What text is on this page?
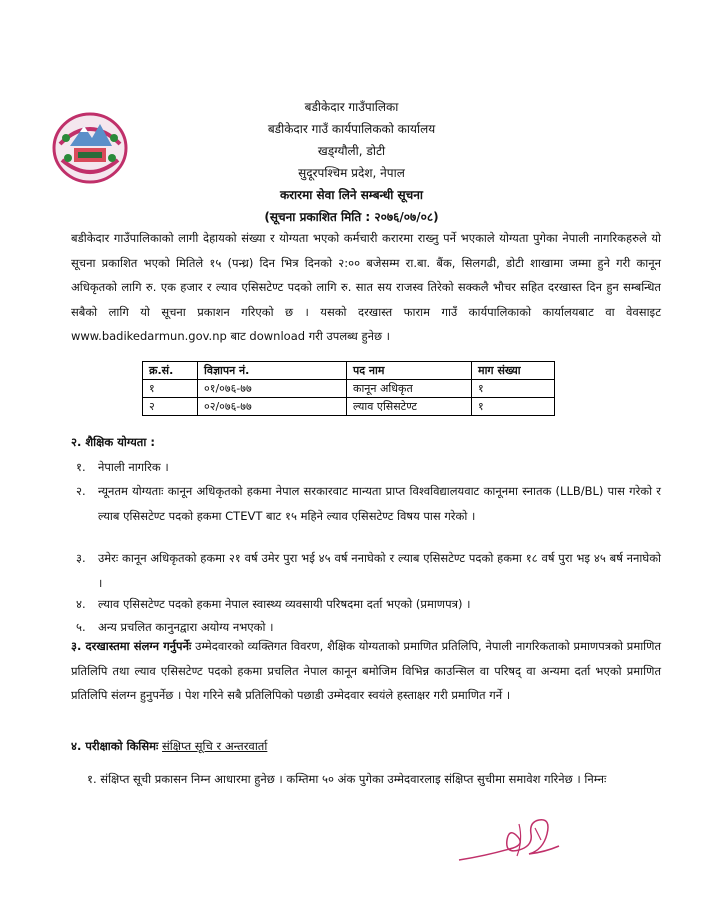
बडीकेदार गाउँपालिका
बडीकेदार गाउँ कार्यपालिकको कार्यालय
खड्ग्यौली, डोटी
सुदूरपश्चिम प्रदेश, नेपाल
करारमा सेवा लिने सम्बन्धी सूचना
(सूचना प्रकाशित मिति : २०७६/०७/०८)

बडीकेदार गाउँपालिकाको लागी देहायको संख्या र योग्यता भएको कर्मचारी करारमा राख्नु पर्ने भएकाले योग्यता पुगेका नेपाली नागरिकहरुले यो सूचना प्रकाशित भएको मितिले १५ (पन्ध्र) दिन भित्र दिनको २:०० बजेसम्म रा.बा. बैंक, सिलगढी, डोटी शाखामा जम्मा हुने गरी कानून अधिकृतको लागि रु. एक हजार र ल्याव एसिसटेण्ट पदको लागि रु. सात सय राजस्व तिरेको सक्कलै भौचर सहित दरखास्त दिन हुन सम्बन्धित सबैको लागि यो सूचना प्रकाशन गरिएको छ । यसको दरखास्त फाराम गाउँ कार्यपालिकाको कार्यालयबाट वा वेवसाइट www.badikedarmun.gov.np बाट download गरी उपलब्ध हुनेछ ।

क्र.सं.	विज्ञापन नं.	पद नाम	माग संख्या
१	०१/०७६-७७	कानून अधिकृत	१
२	०२/०७६-७७	ल्याव एसिसटेण्ट	१
२. शैक्षिक योग्यता :
१. नेपाली नागरिक ।
२. न्यूनतम योग्यताः कानून अधिकृतको हकमा नेपाल सरकारवाट मान्यता प्राप्त विश्वविद्यालयवाट कानूनमा स्नातक (LLB/BL) पास गरेको र ल्याब एसिसटेण्ट पदको हकमा CTEVT बाट १५ महिने ल्याव एसिसटेण्ट विषय पास गरेको ।
३. उमेरः कानून अधिकृतको हकमा २१ वर्ष उमेर पुरा भई ४५ वर्ष ननाघेको र ल्याब एसिसटेण्ट पदको हकमा १८ वर्ष पुरा भइ ४५ बर्ष ननाघेको ।
४. ल्याव एसिसटेण्ट पदको हकमा नेपाल स्वास्थ्य व्यवसायी परिषदमा दर्ता भएको (प्रमाणपत्र) ।
५. अन्य प्रचलित कानुनद्वारा अयोग्य नभएको ।

३. दरखास्तमा संलग्न गर्नुपर्नेः उम्मेदवारको व्यक्तिगत विवरण, शैक्षिक योग्यताको प्रमाणित प्रतिलिपि, नेपाली नागरिकताको प्रमाणपत्रको प्रमाणित प्रतिलिपि तथा ल्याव एसिसटेण्ट पदको हकमा प्रचलित नेपाल कानून बमोजिम विभिन्न काउन्सिल वा परिषद् वा अन्यमा दर्ता भएको प्रमाणित प्रतिलिपि संलग्न हुनुपर्नेछ । पेश गरिने सबै प्रतिलिपिको पछाडी उम्मेदवार स्वयंले हस्ताक्षर गरी प्रमाणित गर्ने ।

४. परीक्षाको किसिमः संक्षिप्त सूचि र अन्तरवार्ता

१. संक्षिप्त सूची प्रकासन निम्न आधारमा हुनेछ । कम्तिमा ५० अंक पुगेका उम्मेदवारलाइ संक्षिप्त सुचीमा समावेश गरिनेछ । निम्नः
